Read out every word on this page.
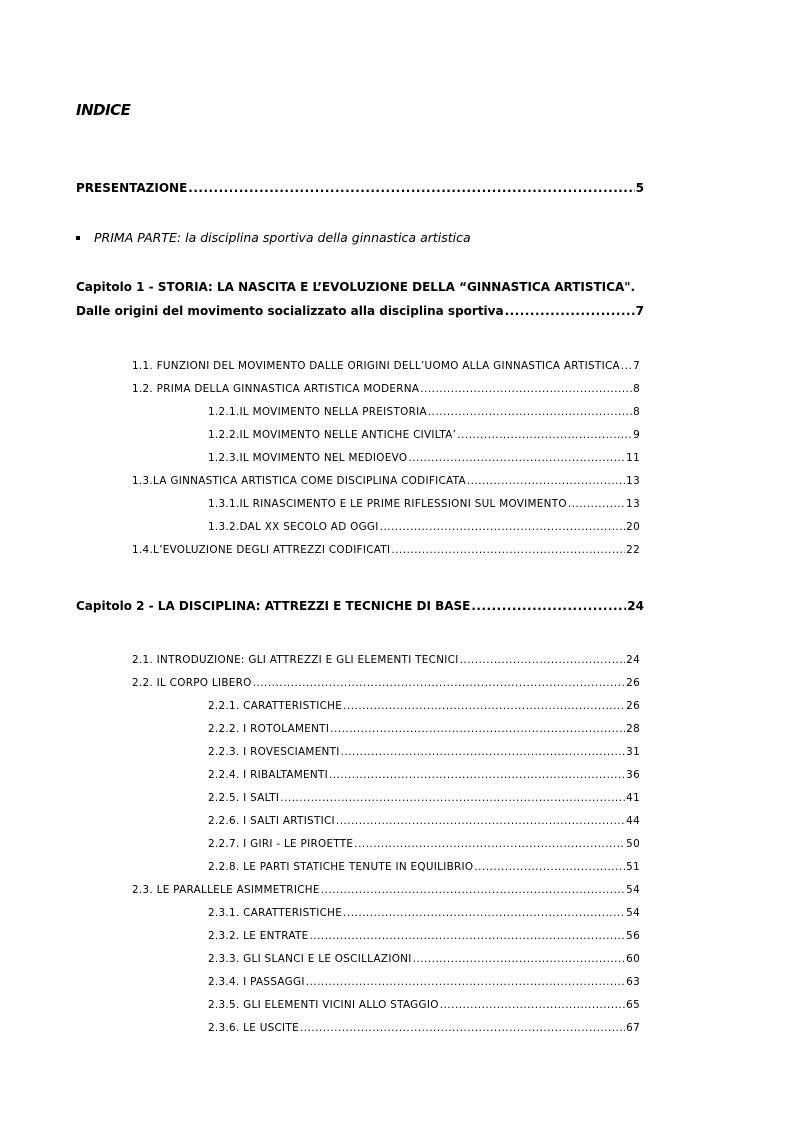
INDICE
PRESENTAZIONE .....	5
PRIMA PARTE:
la disciplina sportiva della ginnastica artistica
Capitolo 1 - STORIA: LA NASCITA E L’EVOLUZIONE DELLA “GINNASTICA ARTISTICA".
Dalle origini del movimento socializzato alla disciplina sportiva .....	7
1.1. FUNZIONI DEL MOVIMENTO DALLE ORIGINI DELL’UOMO ALLA GINNASTICA ARTISTICA ..... 7
1.2. PRIMA DELLA GINNASTICA ARTISTICA MODERNA .....	8
1.2.1.IL MOVIMENTO NELLA PREISTORIA .....	8
1.2.2.IL MOVIMENTO NELLE ANTICHE CIVILTA’ .....	9
1.2.3.IL MOVIMENTO NEL MEDIOEVO .....	11
1.3.LA GINNASTICA ARTISTICA COME DISCIPLINA CODIFICATA .....	13
1.3.1.IL RINASCIMENTO E LE PRIME RIFLESSIONI SUL MOVIMENTO .....	13
1.3.2.DAL XX SECOLO AD OGGI .....	20
1.4.L’EVOLUZIONE DEGLI ATTREZZI CODIFICATI .....	22
Capitolo 2 - LA DISCIPLINA: ATTREZZI E TECNICHE DI BASE .....	24
2.1. INTRODUZIONE: GLI ATTREZZI E GLI ELEMENTI TECNICI .....	24
2.2. IL CORPO LIBERO .....	26
2.2.1. CARATTERISTICHE .....	26
2.2.2. I ROTOLAMENTI .....	28
2.2.3. I ROVESCIAMENTI .....	31
2.2.4. I RIBALTAMENTI .....	36
2.2.5. I SALTI .....	41
2.2.6. I SALTI ARTISTICI .....	44
2.2.7. I GIRI - LE PIROETTE .....	50
2.2.8. LE PARTI STATICHE TENUTE IN EQUILIBRIO .....	51
2.3. LE PARALLELE ASIMMETRICHE .....	54
2.3.1. CARATTERISTICHE .....	54
2.3.2. LE ENTRATE .....	56
2.3.3. GLI SLANCI E LE OSCILLAZIONI .....	60
2.3.4. I PASSAGGI .....	63
2.3.5. GLI ELEMENTI VICINI ALLO STAGGIO .....	65
2.3.6. LE USCITE .....	67
